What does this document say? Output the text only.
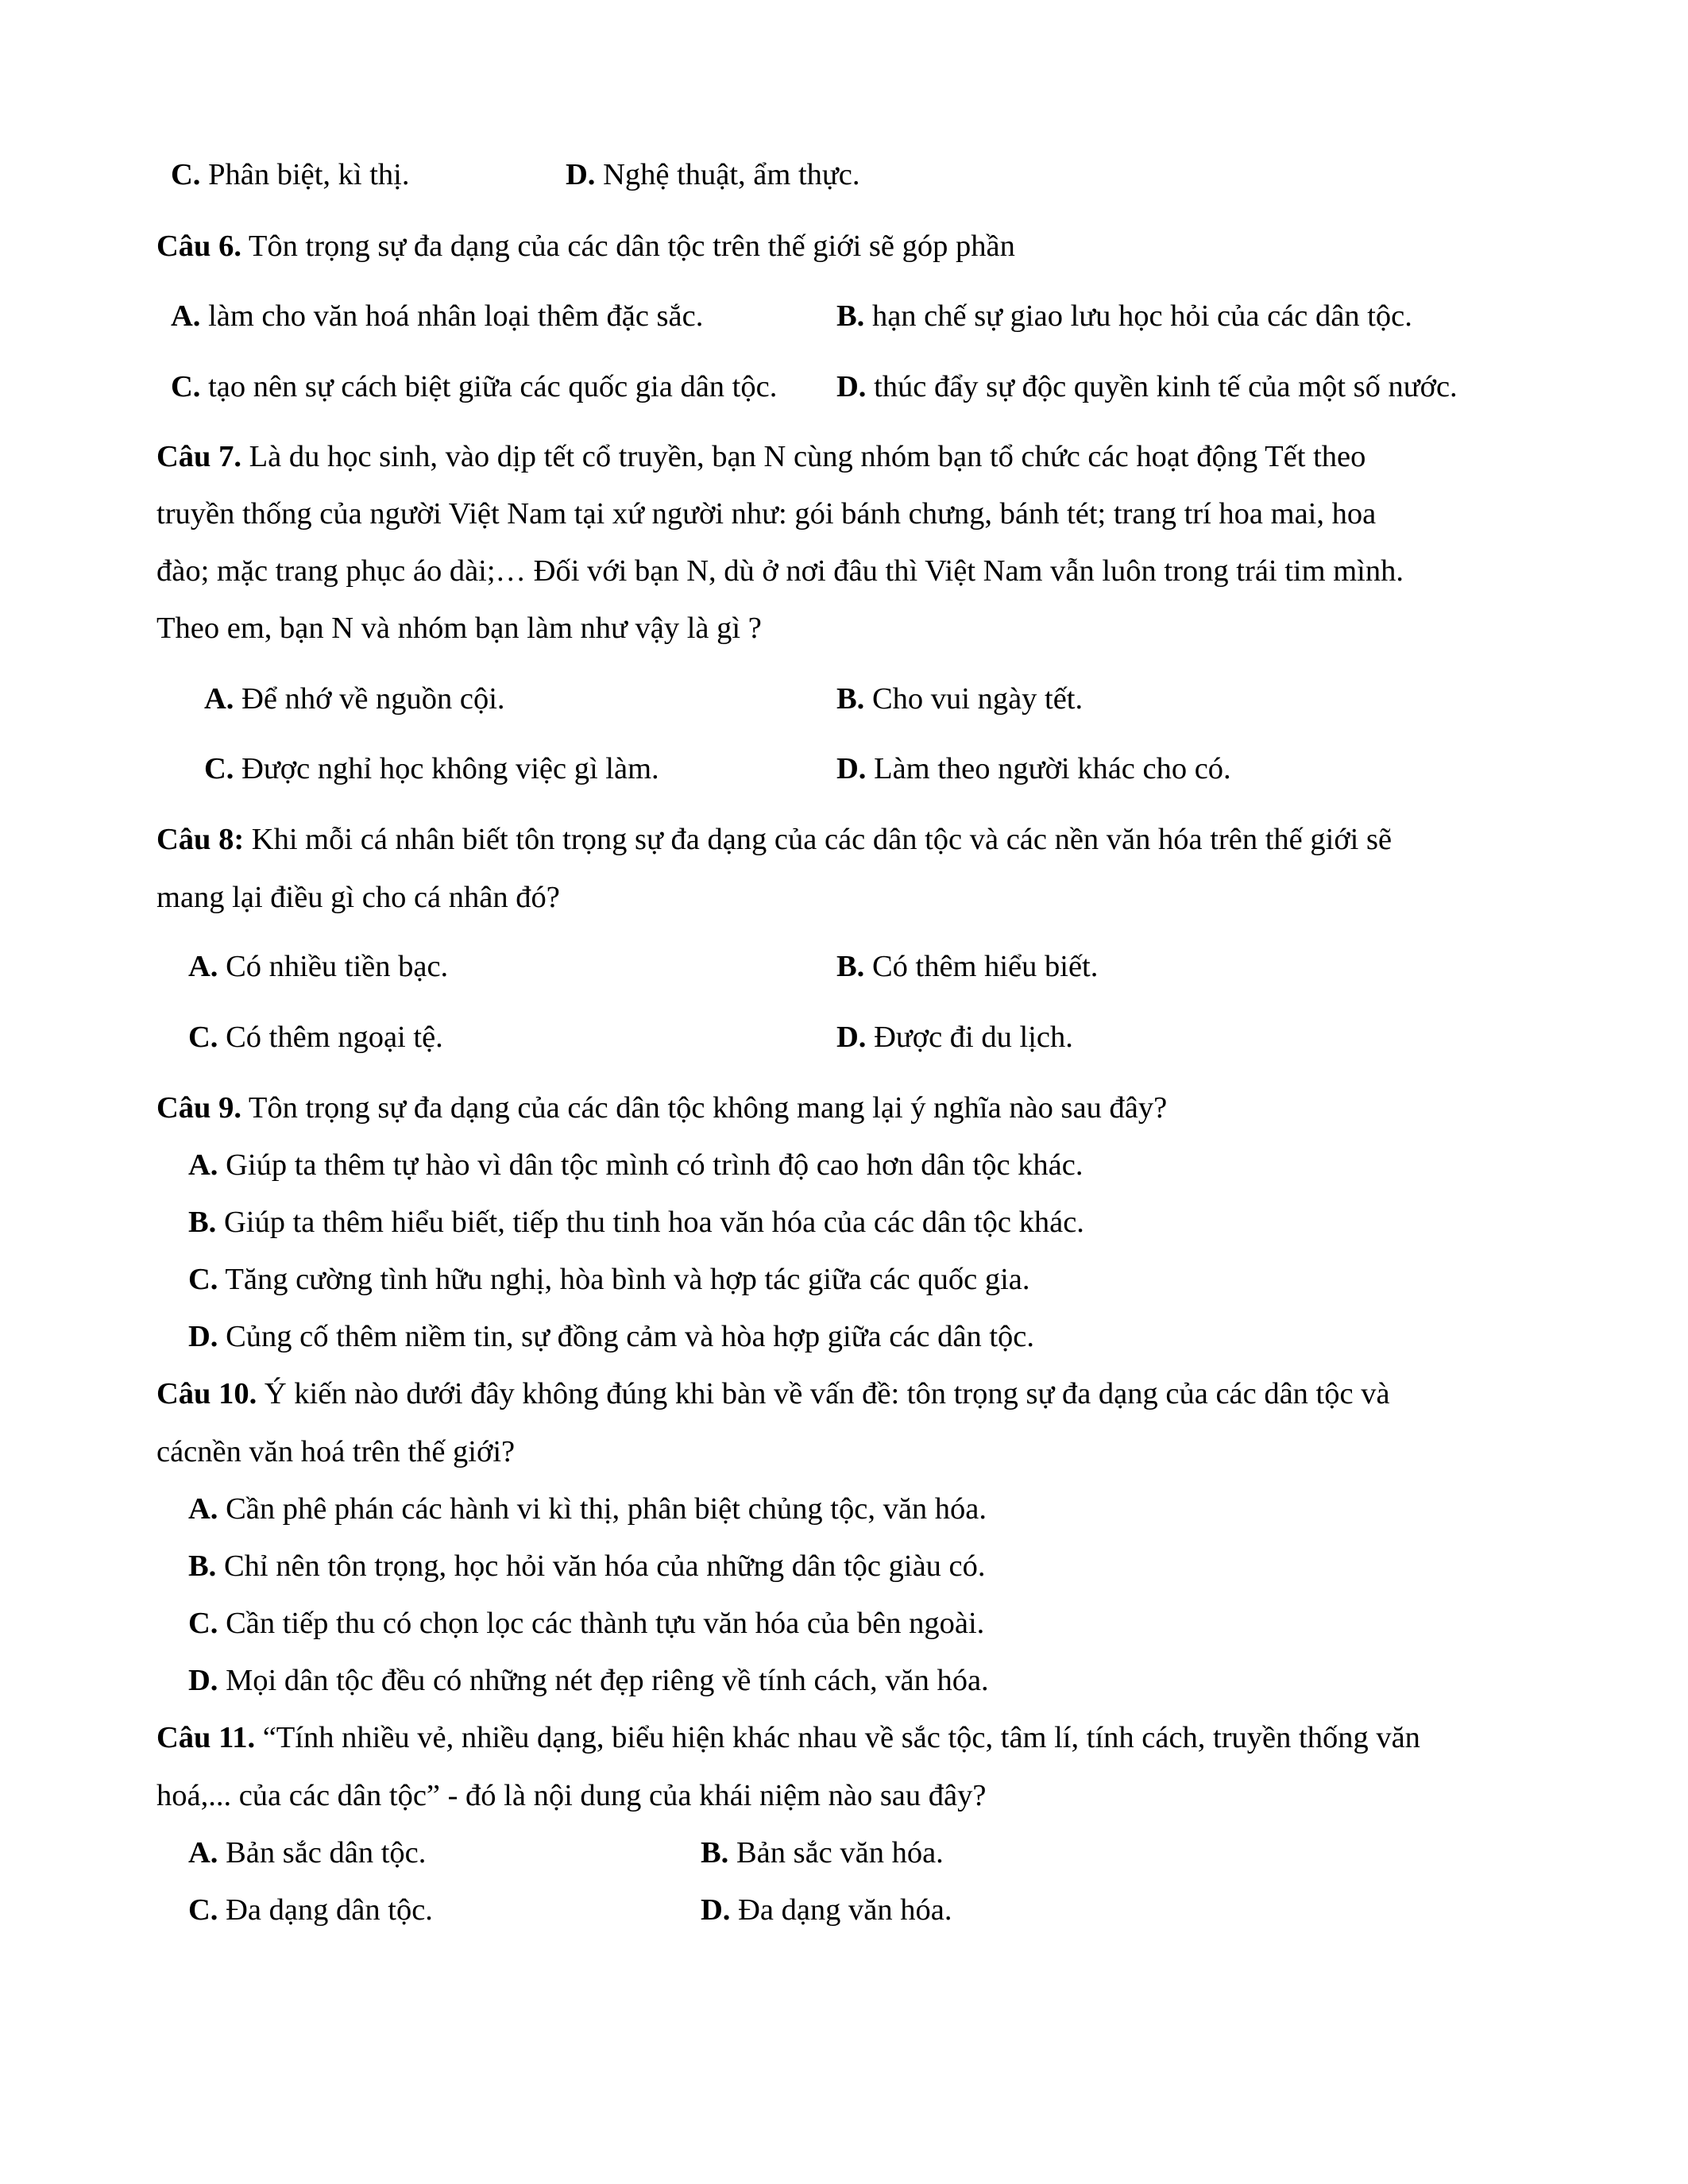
C. Phân biệt, kì thị.	D. Nghệ thuật, ẩm thực.
Câu 6. Tôn trọng sự đa dạng của các dân tộc trên thế giới sẽ góp phần
A. làm cho văn hoá nhân loại thêm đặc sắc.	B. hạn chế sự giao lưu học hỏi của các dân tộc.
C. tạo nên sự cách biệt giữa các quốc gia dân tộc. D. thúc đẩy sự độc quyền kinh tế của một số nước.
Câu 7. Là du học sinh, vào dịp tết cổ truyền, bạn N cùng nhóm bạn tổ chức các hoạt động Tết theo
truyền thống của người Việt Nam tại xứ người như: gói bánh chưng, bánh tét; trang trí hoa mai, hoa
đào; mặc trang phục áo dài;… Đối với bạn N, dù ở nơi đâu thì Việt Nam vẫn luôn trong trái tim mình.
Theo em, bạn N và nhóm bạn làm như vậy là gì ?
A. Để nhớ về nguồn cội.	B. Cho vui ngày tết.
C. Được nghỉ học không việc gì làm.	D. Làm theo người khác cho có.
Câu 8: Khi mỗi cá nhân biết tôn trọng sự đa dạng của các dân tộc và các nền văn hóa trên thế giới sẽ
mang lại điều gì cho cá nhân đó?
A. Có nhiều tiền bạc.	B. Có thêm hiểu biết.
C. Có thêm ngoại tệ.	D. Được đi du lịch.
Câu 9. Tôn trọng sự đa dạng của các dân tộc không mang lại ý nghĩa nào sau đây?
A. Giúp ta thêm tự hào vì dân tộc mình có trình độ cao hơn dân tộc khác.
B. Giúp ta thêm hiểu biết, tiếp thu tinh hoa văn hóa của các dân tộc khác.
C. Tăng cường tình hữu nghị, hòa bình và hợp tác giữa các quốc gia.
D. Củng cố thêm niềm tin, sự đồng cảm và hòa hợp giữa các dân tộc.
Câu 10. Ý kiến nào dưới đây không đúng khi bàn về vấn đề: tôn trọng sự đa dạng của các dân tộc và
cácnền văn hoá trên thế giới?
A. Cần phê phán các hành vi kì thị, phân biệt chủng tộc, văn hóa.
B. Chỉ nên tôn trọng, học hỏi văn hóa của những dân tộc giàu có.
C. Cần tiếp thu có chọn lọc các thành tựu văn hóa của bên ngoài.
D. Mọi dân tộc đều có những nét đẹp riêng về tính cách, văn hóa.
Câu 11. “Tính nhiều vẻ, nhiều dạng, biểu hiện khác nhau về sắc tộc, tâm lí, tính cách, truyền thống văn
hoá,... của các dân tộc” - đó là nội dung của khái niệm nào sau đây?
A. Bản sắc dân tộc.	B. Bản sắc văn hóa.
C. Đa dạng dân tộc.	D. Đa dạng văn hóa.
